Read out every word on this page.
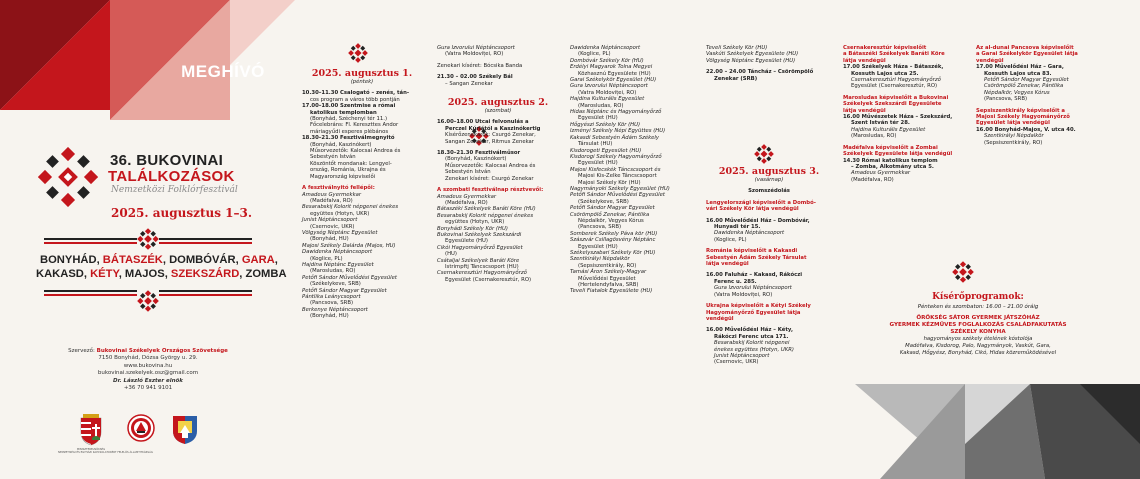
MEGHÍVÓ
36. BUKOVINAI
TALÁLKOZÁSOK
Nemzetközi Folklórfesztivál
2025. augusztus 1–3.
BONYHÁD, BÁTASZÉK, DOMBÓVÁR, GARA,
KAKASD, KÉTY, MAJOS, SZEKSZÁRD, ZOMBA
Szervező: Bukovinai Székelyek Országos Szövetsége
7150 Bonyhád, Dózsa György u. 29.
www.bukovina.hu
bukovinai.szekelyek.osz@gmail.com
Dr. László Eszter elnök
+36 70 941 9101
MINISZTERELNÖKSÉG
NEMZETISÉGI ÉS EGYHÁZI KAPCSOLATOKÉRT FELELŐS ÁLLAMTITKÁRSÁG
2025. augusztus 1.
(péntek)
10.30–11.30 Csalogató – zenés, tán-
cos program a város több pontján
17.00–18.00 Szentmise a római
katolikus templomban
(Bonyhád, Széchenyi tér 11.)
Főcelebráns: Fl. Kereszttes Andor
máriagyűdi esperes plébános
18.30–21.30 Fesztiválmegnyitó
(Bonyhád, Kaszinókert)
Műsorvezetők: Kalocsai Andrea és
Sebestyén István
Köszöntőt mondanak: Lengyel-
ország, Románia, Ukrajna és
Magyarország képviselői
A fesztiválnyitó fellépői:
Amadeus Gyermekkar
(Madéfalva, RO)
Besarabskij Kolorit népgenei énekes
együttes (Hotyn, UKR)
Junist Néptáncsoport
(Csernovic, UKR)
Völgység Néptánc Egyesület
(Bonyhád, HU)
Majosi Székely Dalárda (Majos, HU)
Dawidenka Néptáncsoport
(Koglice, PL)
Hajdina Néptánc Egyesület
(Marosludas, RO)
Petőfi Sándor Művelődési Egyesület
(Székelykeve, SRB)
Petőfi Sándor Magyar Egyesület
Pántlika Leánycsoport
(Pancsova, SRB)
Berkenye Néptáncsoport
(Bonyhád, HU)
Gura Izvorului Néptáncsoport
(Vatra Moldoviței, RO)
Zenekari kíséret: Bócsika Banda
21.30 – 02.00 Székely Bál
– Sangan Zenekar
2025. augusztus 2.
(szombat)
16.00–18.00 Utcai felvonulás a
Perczel Kúriától a Kaszinókertig
Kísérőzenekarok: Csurgó Zenekar,
Sangan Zenekar, Ritmus Zenekar
18.30–21.30 Fesztiválműsor
(Bonyhád, Kaszinókert)
Műsorvezetők: Kalocsai Andrea és
Sebestyén István
Zenekari kíséret: Csurgó Zenekar
A szombati fesztiválnap résztvevői:
Amadeus Gyermekkar
(Madéfalva, RO)
Bátaszéki Székelyek Baráti Köre (HU)
Besarabskij Kolorit népgenei énekes
együttes (Hotyn, UKR)
Bonyhádi Székely Kör (HU)
Bukovinai Székelyek Szekszárdi
Egyesülete (HU)
Cikói Hagyományőrző Egyesület
(HU)
Csátaljai Székelyek Baráti Köre
Istrimpftj Táncscsoport (HU)
Csernakeresztúri Hagyományőrző
Egyesület (Csernakeresztúr, RO)
Dawidenka Néptáncsoport
(Koglice, PL)
Dombóvár Székely Kör (HU)
Erdélyi Magyarok Tolna Megyei
Közhasznú Egyesülete (HU)
Garai Székelykör Egyesület (HU)
Gura Izvorului Néptáncsoport
(Vatra Moldoviței, RO)
Hajdina Kulturális Egyesület
(Marosludas, RO)
Hidas Néptánc és Hagyományőrző
Egyesület (HU)
Hőgyészi Székely Kör (HU)
Izményi Székely Népi Együttes (HU)
Kakasdi Sebestyén Ádám Székely
Társulat (HU)
Kisdorogeti Egyesület (HU)
Kisdorogi Székely Hagyományőrző
Egyesület (HU)
Majosi Kisfecskék Táncscsoport és
Majosi Kis-Zelke Táncscsoport
Majosi Székely Kör (HU)
Nagymányoki Székely Egyesület (HU)
Petőfi Sándor Művelődési Egyesület
(Székelykeve, SRB)
Petőfi Sándor Magyar Egyesület
Csörömpölő Zenekar, Pántlika
Népdalkör, Vegyes Kórus
(Pancsova, SRB)
Somberek Székely Páva kör (HU)
Szászvár Csillagösvény Néptánc
Egyesület (HU)
Székelyszabari Székely Kör (HU)
Szentkirályi Népdalkör
(Sepsiszentkirály, RO)
Tamási Áron Székely-Magyar
Művelődési Egyesület
(Hertelendyfalva, SRB)
Teveli Fiatalok Egyesülete (HU)
Teveli Székely Kör (HU)
Vaskúti Székelyek Egyesülete (HU)
Völgység Néptánc Egyesület (HU)
22.00 – 24.00 Táncház – Csörömpölő
Zenekar (SRB)
2025. augusztus 3.
(vasárnap)
Szomszédolás
Lengyelországi képviselőit a Dombó-
vári Székely Kör látja vendégül
16.00 Művelődési Ház – Dombóvár,
Hunyadi tér 15.
Dawidenka Néptáncsoport
(Koglice, PL)
Románia képviselőit a Kakasdi
Sebestyén Ádám Székely Társulat
látja vendégül
16.00 Faluház – Kakasd, Rákóczi
Ferenc u. 285.
Gura Izvorului Néptáncsoport
(Vatra Moldoviței, RO)
Ukrajna képviselőit a Kétyi Székely
Hagyományőrző Egyesület látja
vendégül
16.00 Művelődési Ház – Kéty,
Rákóczi Ferenc utca 171.
Besarabskij Kolorit népgenei
énekes együttes (Hotyn, UKR)
Junist Néptáncsoport
(Csernovic, UKR)
Csernakeresztúr képviselőit
a Bátaszéki Székelyek Baráti Köre
látja vendégül
17.00 Székelyek Háza – Bátaszék,
Kossuth Lajos utca 25.
Csernakeresztúri Hagyományőrző
Egyesület (Csernakeresztúr, RO)
Marosludas képviselőit a Bukovinai
Székelyek Szekszárdi Egyesülete
látja vendégül
16.00 Művészetek Háza – Szekszárd,
Szent István tér 28.
Hajdina Kulturális Egyesület
(Marosludas, RO)
Madéfalva képviselőit a Zombai
Székelyek Egyesülete látja vendégül
14.30 Római katolikus templom
– Zomba, Alkotmány utca 5.
Amadeus Gyermekkar
(Madéfalva, RO)
Az al-dunai Pancsova képviselőit
a Garai Székelykör Egyesület látja
vendégül
17.00 Művelődési Ház – Gara,
Kossuth Lajos utca 83.
Petőfi Sándor Magyar Egyesület
Csörömpölő Zenekar, Pántlika
Népdalkör, Vegyes Kórus
(Pancsova, SRB)
Sepsiszentkirály képviselőit a
Majosi Székely Hagyományőrző
Egyesület látja vendégül
16.00 Bonyhád-Majos, V. utca 40.
Szentkirályi Népdalkör
(Sepsiszentkirály, RO)
Kísérőprogramok:
Pénteken és szombaton: 16.00 – 21.00 óráig
ÖRÖKSÉG SÁTOR GYERMEK JÁTSZÓHÁZ
GYERMEK KÉZMŰVES FOGLALKOZÁS CSALÁDFAKUTATÁS
SZÉKELY KONYHA
hagyományos székely ételének kóstolója
Madéfalva, Kisdorog, Palo, Nagymányok, Vaskút, Gara,
Kakasd, Hőgyész, Bonyhád, Cikó, Hidas közreműködésével
